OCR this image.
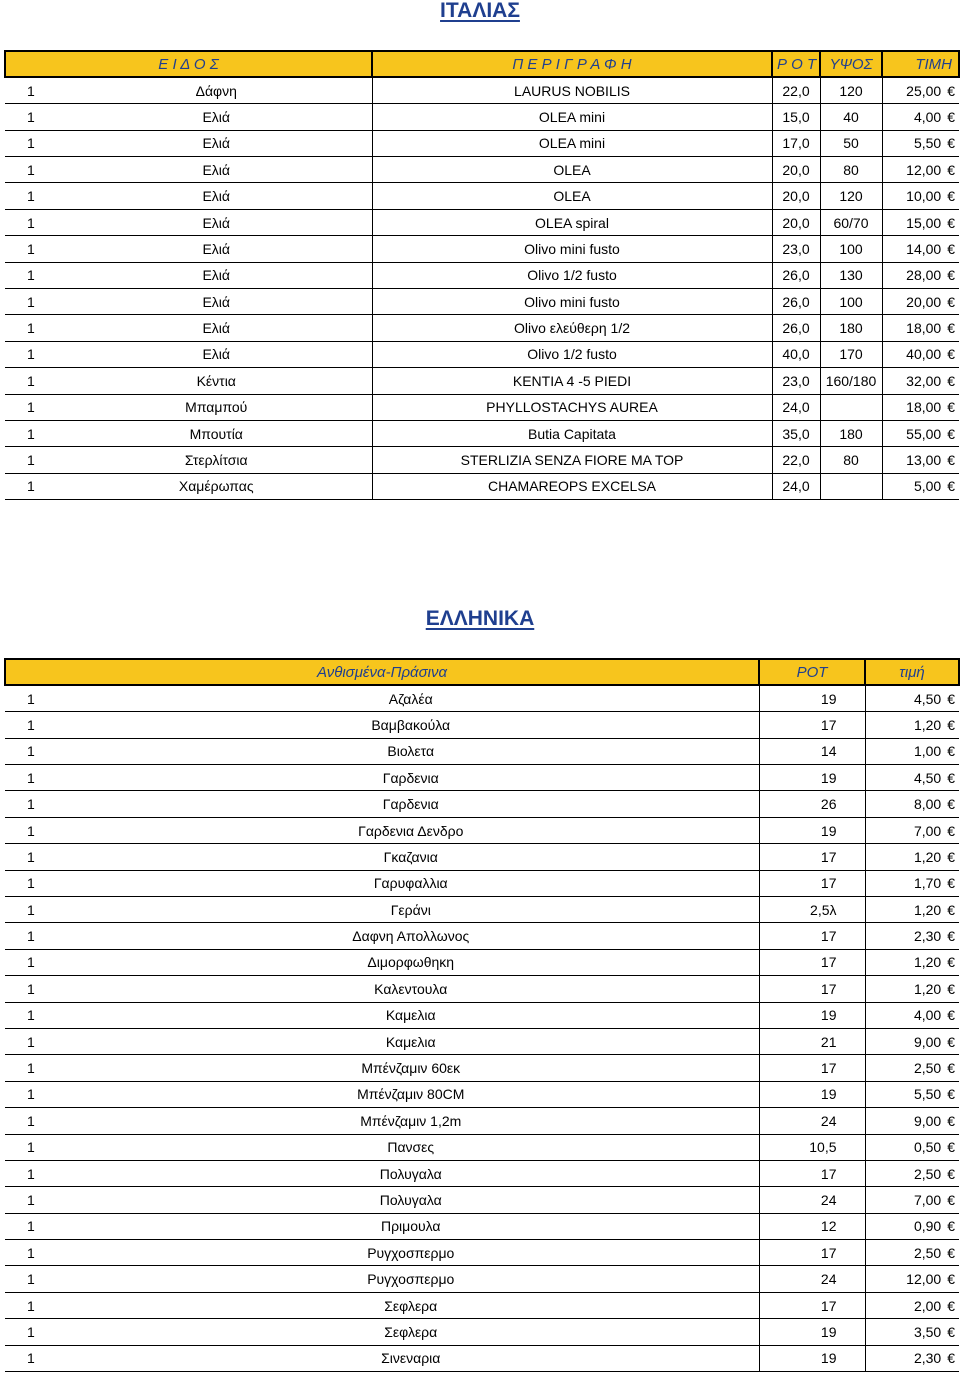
ΙΤΑΛΙΑΣ
Ε Ι Δ Ο Σ	Π Ε Ρ Ι Γ Ρ Α Φ Η	Ρ Ο Τ	ΥΨΟΣ	ΤΙΜΗ

1 Δάφνη	LAURUS NOBILIS	22,0	120	25,00 €

1 Ελιά	OLEA mini	15,0	40	4,00 €

1 Ελιά	OLEA mini	17,0	50	5,50 €

1 Ελιά	OLEA	20,0	80	12,00 €

1 Ελιά	OLEA	20,0	120	10,00 €

1 Ελιά	OLEA spiral	20,0	60/70	15,00 €

1 Ελιά	Olivo mini fusto	23,0	100	14,00 €

1 Ελιά	Olivo 1/2 fusto	26,0	130	28,00 €

1 Ελιά	Olivo mini fusto	26,0	100	20,00 €

1 Ελιά	Olivo ελεύθερη 1/2	26,0	180	18,00 €

1 Ελιά	Olivo 1/2 fusto	40,0	170	40,00 €

1 Κέντια	KENTIA 4 -5 PIEDI	23,0	160/180	32,00 €

1 Μπαμπού	PHYLLOSTACHYS AUREA	24,0		18,00 €

1 Μπουτία	Butia Capitata	35,0	180	55,00 €

1 Στερλίτσια	STERLIZIA SENZA FIORE MA TOP	22,0	80	13,00 €

1 Χαμέρωπας	CHAMAREOPS EXCELSA	24,0		5,00 €
ΕΛΛΗΝΙΚΑ
Ανθισμένα-Πράσινα	ΡΟΤ	τιμή

1 Αζαλέα	19	4,50 €

1 Βαμβακούλα	17	1,20 €

1 Βιολετα	14	1,00 €

1 Γαρδενια	19	4,50 €

1 Γαρδενια	26	8,00 €

1 Γαρδενια Δενδρο	19	7,00 €

1 Γκαζανια	17	1,20 €

1 Γαρυφαλλια	17	1,70 €

1 Γεράνι	2,5λ	1,20 €

1 Δαφνη Απολλωνος	17	2,30 €

1 Διμορφωθηκη	17	1,20 €

1 Καλεντουλα	17	1,20 €

1 Καμελια	19	4,00 €

1 Καμελια	21	9,00 €

1 Μπένζαμιν 60εκ	17	2,50 €

1 Μπένζαμιν 80CM	19	5,50 €

1 Μπένζαμιν 1,2m	24	9,00 €

1 Πανσες	10,5	0,50 €

1 Πολυγαλα	17	2,50 €

1 Πολυγαλα	24	7,00 €

1 Πριμουλα	12	0,90 €

1 Ρυγχοσπερμο	17	2,50 €

1 Ρυγχοσπερμο	24	12,00 €

1 Σεφλερα	17	2,00 €

1 Σεφλερα	19	3,50 €

1 Σινεναρια	19	2,30 €
